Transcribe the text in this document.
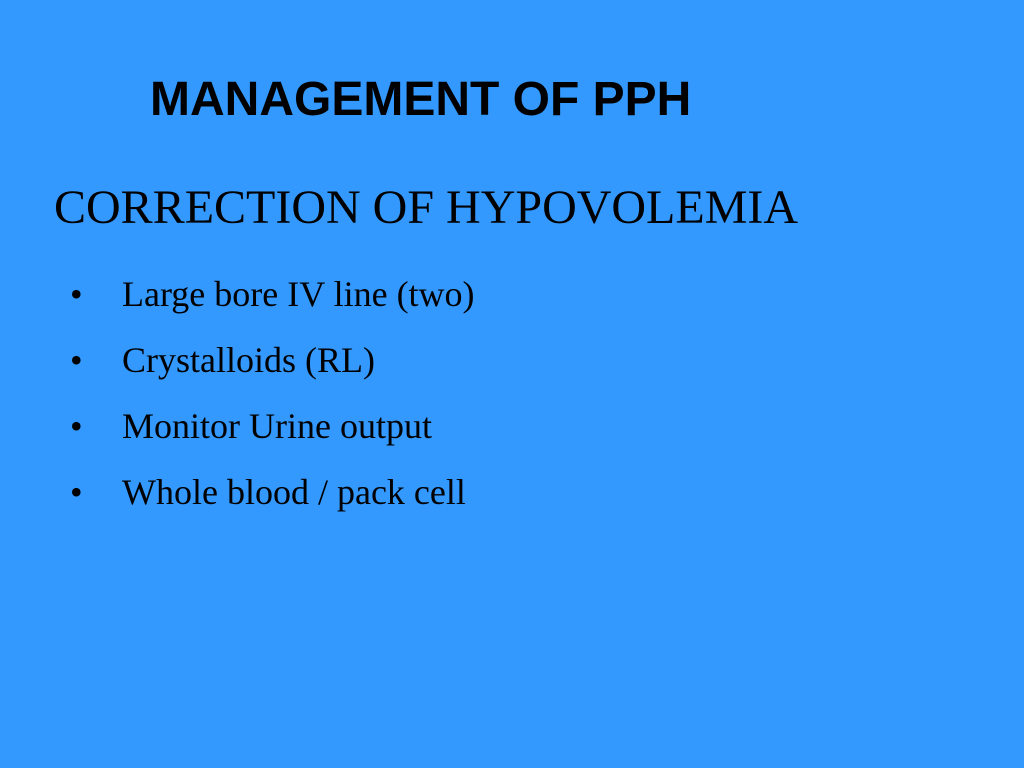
MANAGEMENT OF PPH
CORRECTION OF HYPOVOLEMIA
•	Large bore IV line (two)
•	Crystalloids (RL)
•	Monitor Urine output
•	Whole blood / pack cell
